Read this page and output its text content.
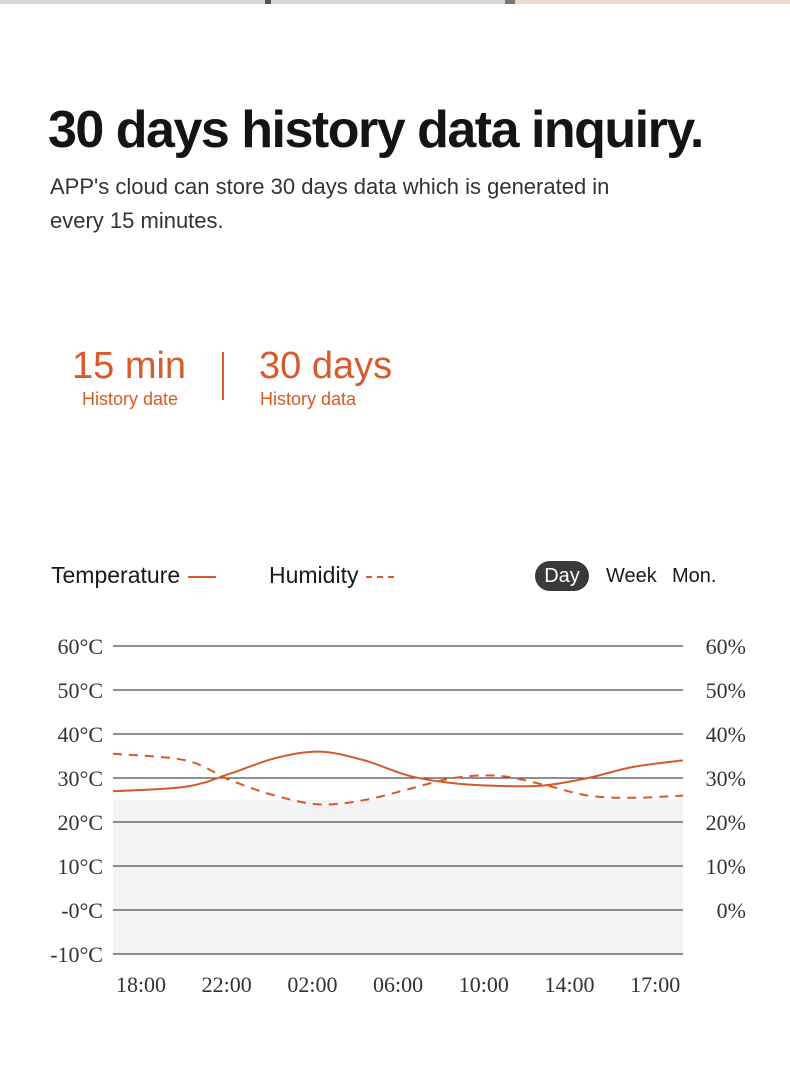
30 days history data inquiry.
APP's cloud can store 30 days data which is generated in every 15 minutes.
15 min
History date
30 days
History data
Temperature	Humidity	Day	Week Mon.
60°C
50°C
40°C
30°C
20°C
10°C
-0°C
-10°C
60%
50%
40%
30%
20%
10%
0%
18:00 22:00 02:00 06:00 10:00 14:00 17:00
